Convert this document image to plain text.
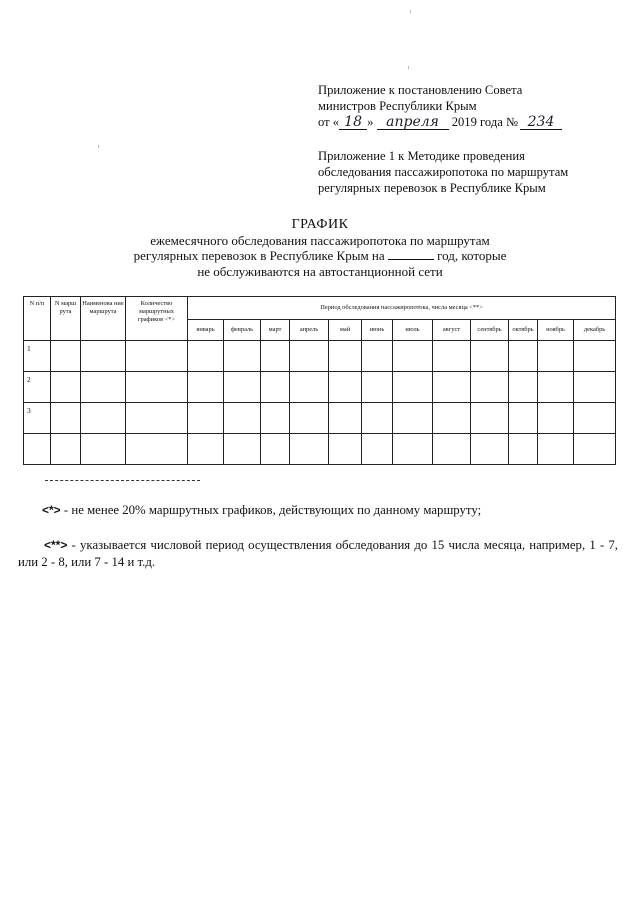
Приложение к постановлению Совета
министров Республики Крым
от « 18 » апреля 2019 года № 234
Приложение 1 к Методике проведения
обследования пассажиропотока по маршрутам
регулярных перевозок в Республике Крым
ГРАФИК
ежемесячного обследования пассажиропотока по маршрутам
регулярных перевозок в Республике Крым на	год, которые
не обслуживаются на автостанционной сети
N п/п	N марш рута	Наименова ние маршрута	Количество маршрутных графиков <*>	Период обследования пассажиропотока, числа месяца <**>											
				январь	февраль	март	апрель	май	июнь	июль	август	сентябрь	октябрь	ноябрь	декабрь
1															
2															
3															

<*> - не менее 20% маршрутных графиков, действующих по данному маршруту;
<**> - указывается числовой период осуществления обследования до 15 числа месяца, например, 1 - 7, или 2 - 8, или 7 - 14 и т.д.
